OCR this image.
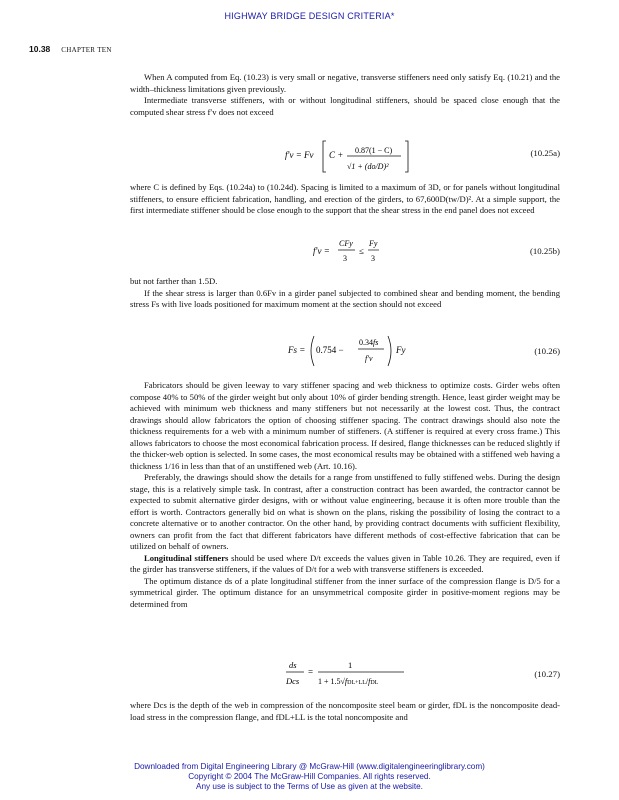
HIGHWAY BRIDGE DESIGN CRITERIA*
10.38 CHAPTER TEN

When A computed from Eq. (10.23) is very small or negative, transverse stiffeners need only satisfy Eq. (10.21) and the width–thickness limitations given previously.

Intermediate transverse stiffeners, with or without longitudinal stiffeners, should be spaced close enough that the computed shear stress f′v does not exceed

f′v = Fv C + 0.87(1 − C)
√1 + (do/D)²
(10.25a)

where C is defined by Eqs. (10.24a) to (10.24d). Spacing is limited to a maximum of 3D, or for panels without longitudinal stiffeners, to ensure efficient fabrication, handling, and erection of the girders, to 67,600D(tw/D)². At a simple support, the first intermediate stiffener should be close enough to the support that the shear stress in the end panel does not exceed

f′v =
CFy
3
≤
Fy
3
(10.25b)

but not farther than 1.5D.

If the shear stress is larger than 0.6Fv in a girder panel subjected to combined shear and bending moment, the bending stress Fs with live loads positioned for maximum moment at the section should not exceed

Fs = 0.754 −
0.34fs
f′v
Fy	(10.26)

Fabricators should be given leeway to vary stiffener spacing and web thickness to optimize costs. Girder webs often compose 40% to 50% of the girder weight but only about 10% of girder bending strength. Hence, least girder weight may be achieved with minimum web thickness and many stiffeners but not necessarily at the lowest cost. Thus, the contract drawings should allow fabricators the option of choosing stiffener spacing. The contract drawings should also note the thickness requirements for a web with a minimum number of stiffeners. (A stiffener is required at every cross frame.) This allows fabricators to choose the most economical fabrication process. If desired, flange thicknesses can be reduced slightly if the thicker-web option is selected. In some cases, the most economical results may be obtained with a stiffened web having a thickness 1/16 in less than that of an unstiffened web (Art. 10.16).

Preferably, the drawings should show the details for a range from unstiffened to fully stiffened webs. During the design stage, this is a relatively simple task. In contrast, after a construction contract has been awarded, the contractor cannot be expected to submit alternative girder designs, with or without value engineering, because it is often more trouble than the effort is worth. Contractors generally bid on what is shown on the plans, risking the possibility of losing the contract to a concrete alternative or to another contractor. On the other hand, by providing contract documents with sufficient flexibility, owners can profit from the fact that different fabricators have different methods of cost-effective fabrication that can be utilized on behalf of owners.

Longitudinal stiffeners should be used where D/t exceeds the values given in Table 10.26. They are required, even if the girder has transverse stiffeners, if the values of D/t for a web with transverse stiffeners is exceeded.

The optimum distance ds of a plate longitudinal stiffener from the inner surface of the compression flange is D/5 for a symmetrical girder. The optimum distance for an unsymmetrical composite girder in positive-moment regions may be determined from

ds
Dcs
=
1
1 + 1.5√fDL+LL/fDL
(10.27)

where Dcs is the depth of the web in compression of the noncomposite steel beam or girder, fDL is the noncomposite dead-load stress in the compression flange, and fDL+LL is the total noncomposite and

Downloaded from Digital Engineering Library @ McGraw-Hill (www.digitalengineeringlibrary.com)
Copyright © 2004 The McGraw-Hill Companies. All rights reserved.
Any use is subject to the Terms of Use as given at the website.
